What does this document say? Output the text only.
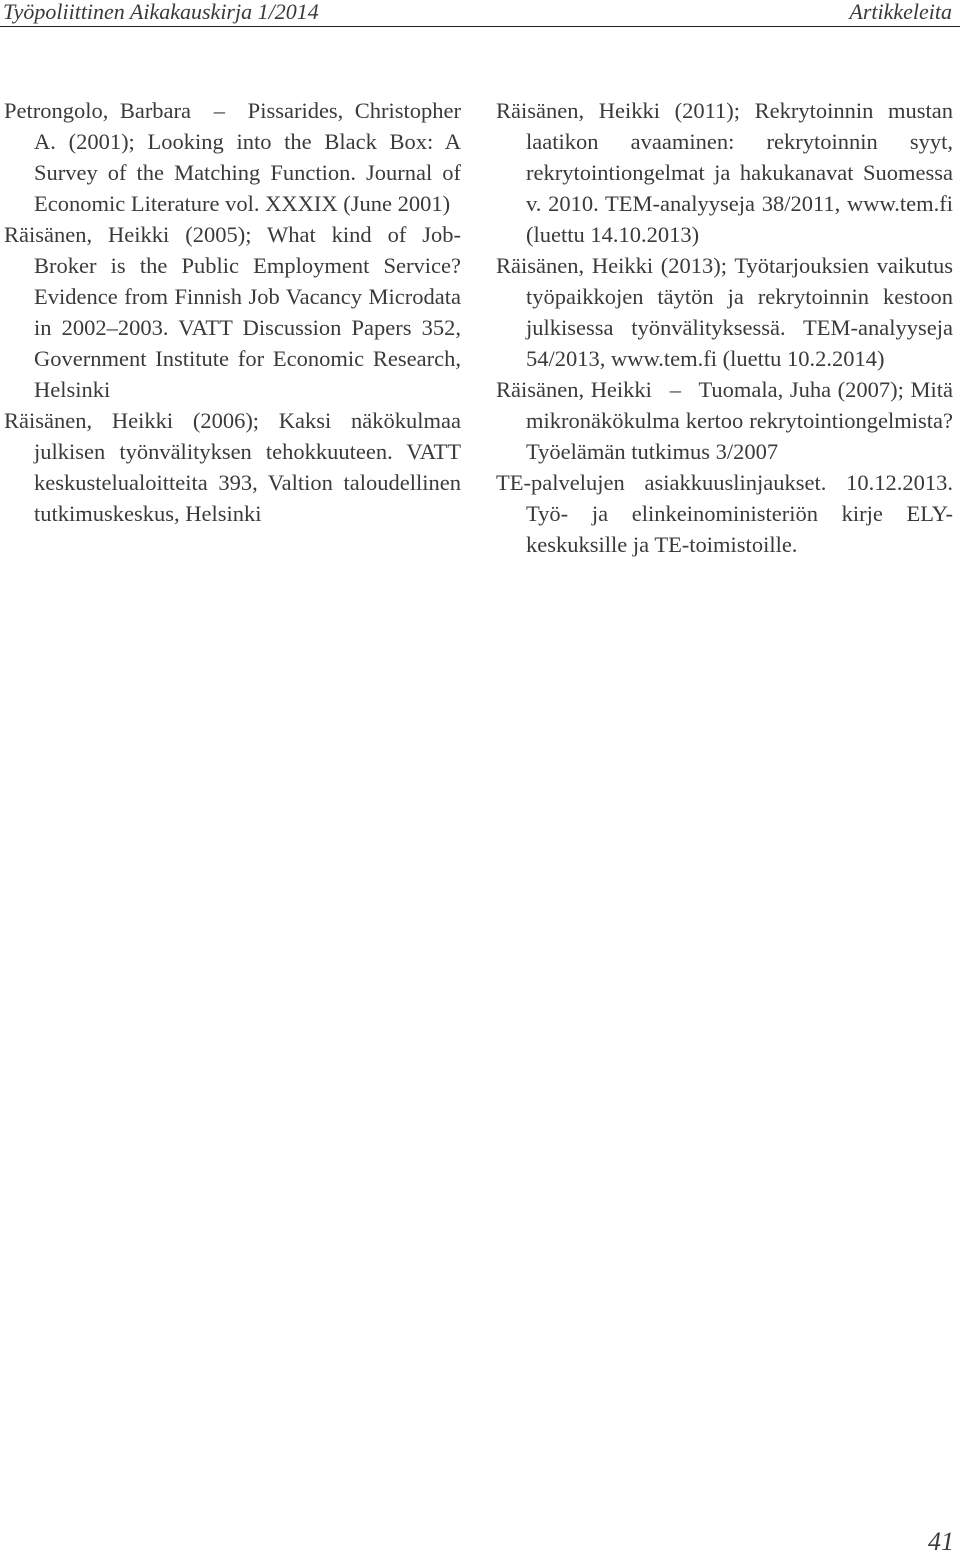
Työpoliittinen Aikakauskirja 1/2014	Artikkeleita

Petrongolo, Barbara  –  Pissarides, Christopher A. (2001); Looking into the Black Box: A Survey of the Matching Function. Journal of Economic Literature vol. XXXIX (June 2001)

Räisänen, Heikki (2005); What kind of Job-Broker is the Public Employment Service? Evidence from Finnish Job Vacancy Microdata in 2002–2003. VATT Discussion Papers 352, Government Institute for Economic Research, Helsinki

Räisänen, Heikki (2006); Kaksi näkökulmaa julkisen työnvälityksen tehokkuuteen. VATT keskustelualoitteita 393, Valtion taloudellinen tutkimuskeskus, Helsinki

Räisänen, Heikki (2011); Rekrytoinnin mustan laatikon avaaminen: rekrytoinnin syyt, rekrytointiongelmat ja hakukanavat Suomessa v. 2010. TEM-analyyseja 38/2011, www.tem.fi (luettu 14.10.2013)

Räisänen, Heikki (2013); Työtarjouksien vaikutus työpaikkojen täytön ja rekrytoinnin kestoon julkisessa työnvälityksessä. TEM-analyyseja 54/2013, www.tem.fi (luettu 10.2.2014)

Räisänen, Heikki  –  Tuomala, Juha (2007); Mitä mikronäkökulma kertoo rekrytointiongelmista? Työelämän tutkimus 3/2007

TE-palvelujen asiakkuuslinjaukset. 10.12.2013. Työ- ja elinkeinoministeriön kirje ELY-keskuksille ja TE-toimistoille.

41
